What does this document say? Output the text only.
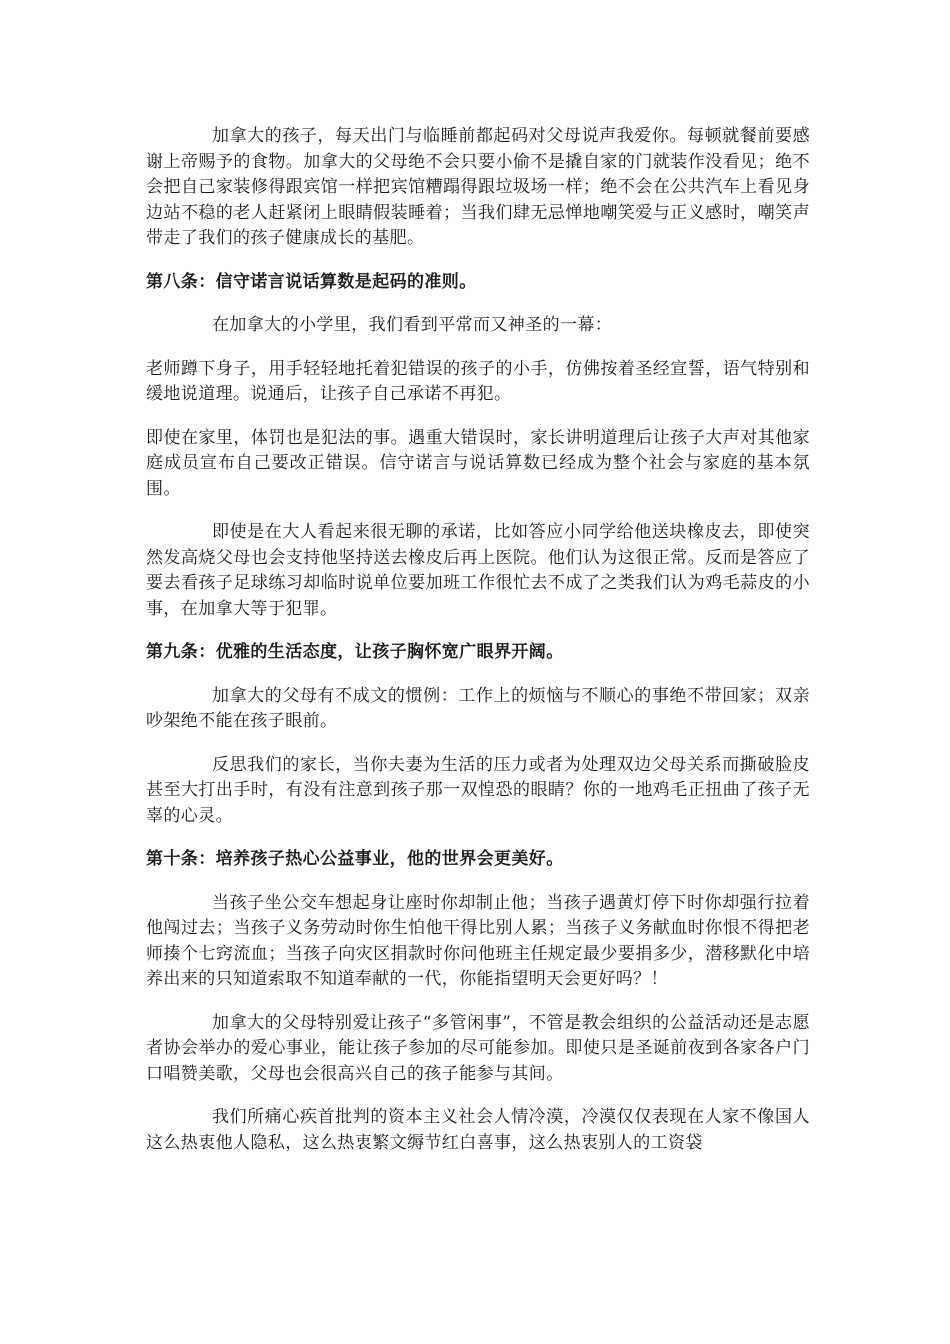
加拿大的孩子，每天出门与临睡前都起码对父母说声我爱你。每顿就餐前要感谢上帝赐予的食物。加拿大的父母绝不会只要小偷不是撬自家的门就装作没看见；绝不会把自己家装修得跟宾馆一样把宾馆糟蹋得跟垃圾场一样；绝不会在公共汽车上看见身边站不稳的老人赶紧闭上眼睛假装睡着；当我们肆无忌惮地嘲笑爱与正义感时，嘲笑声带走了我们的孩子健康成长的基肥。

第八条：信守诺言说话算数是起码的准则。

在加拿大的小学里，我们看到平常而又神圣的一幕：

老师蹲下身子，用手轻轻地托着犯错误的孩子的小手，仿佛按着圣经宣誓，语气特别和缓地说道理。说通后，让孩子自己承诺不再犯。

即使在家里，体罚也是犯法的事。遇重大错误时，家长讲明道理后让孩子大声对其他家庭成员宣布自己要改正错误。信守诺言与说话算数已经成为整个社会与家庭的基本氛围。

即使是在大人看起来很无聊的承诺，比如答应小同学给他送块橡皮去，即使突然发高烧父母也会支持他坚持送去橡皮后再上医院。他们认为这很正常。反而是答应了要去看孩子足球练习却临时说单位要加班工作很忙去不成了之类我们认为鸡毛蒜皮的小事，在加拿大等于犯罪。

第九条：优雅的生活态度，让孩子胸怀宽广眼界开阔。

加拿大的父母有不成文的惯例：工作上的烦恼与不顺心的事绝不带回家；双亲吵架绝不能在孩子眼前。

反思我们的家长，当你夫妻为生活的压力或者为处理双边父母关系而撕破脸皮甚至大打出手时，有没有注意到孩子那一双惶恐的眼睛？你的一地鸡毛正扭曲了孩子无辜的心灵。

第十条：培养孩子热心公益事业，他的世界会更美好。

当孩子坐公交车想起身让座时你却制止他；当孩子遇黄灯停下时你却强行拉着他闯过去；当孩子义务劳动时你生怕他干得比别人累；当孩子义务献血时你恨不得把老师揍个七窍流血；当孩子向灾区捐款时你问他班主任规定最少要捐多少，潜移默化中培养出来的只知道索取不知道奉献的一代，你能指望明天会更好吗？！

加拿大的父母特别爱让孩子“多管闲事”，不管是教会组织的公益活动还是志愿者协会举办的爱心事业，能让孩子参加的尽可能参加。即使只是圣诞前夜到各家各户门口唱赞美歌，父母也会很高兴自己的孩子能参与其间。

我们所痛心疾首批判的资本主义社会人情冷漠，冷漠仅仅表现在人家不像国人这么热衷他人隐私，这么热衷繁文缛节红白喜事，这么热衷别人的工资袋
